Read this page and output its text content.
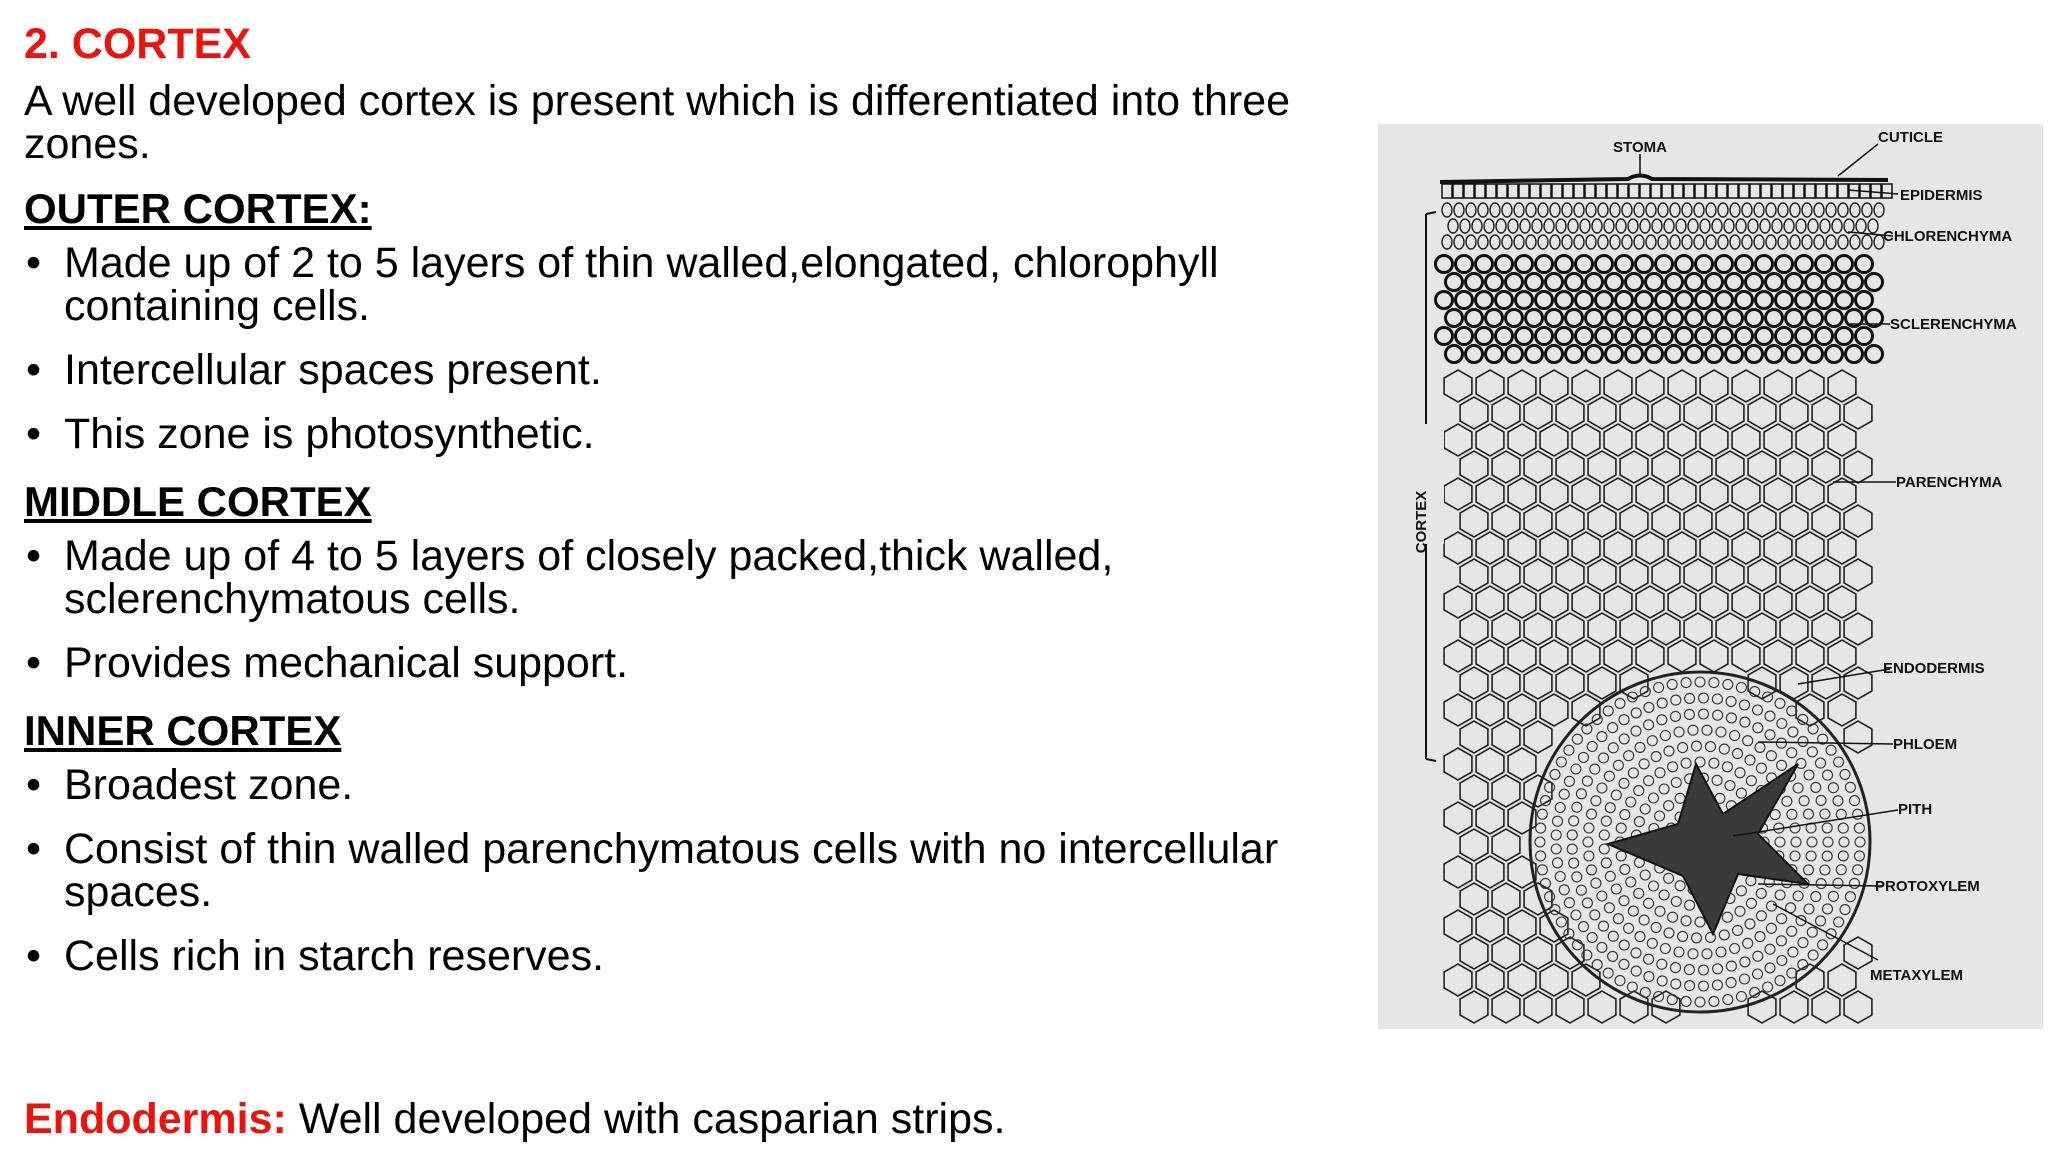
2. CORTEX

A well developed cortex is present which is differentiated into three zones.

OUTER CORTEX:
• Made up of 2 to 5 layers of thin walled,elongated, chlorophyll containing cells.
• Intercellular spaces present.
• This zone is photosynthetic.
MIDDLE CORTEX
• Made up of 4 to 5 layers of closely packed,thick walled, sclerenchymatous cells.
• Provides mechanical support.
INNER CORTEX
• Broadest zone.
• Consist of thin walled parenchymatous cells with no intercellular spaces.
• Cells rich in starch reserves.
Endodermis: Well developed with casparian strips.
CORTEX
STOMA
CUTICLE
EPIDERMIS
CHLORENCHYMA
SCLERENCHYMA
PARENCHYMA
ENDODERMIS
PHLOEM
PITH
PROTOXYLEM
METAXYLEM
